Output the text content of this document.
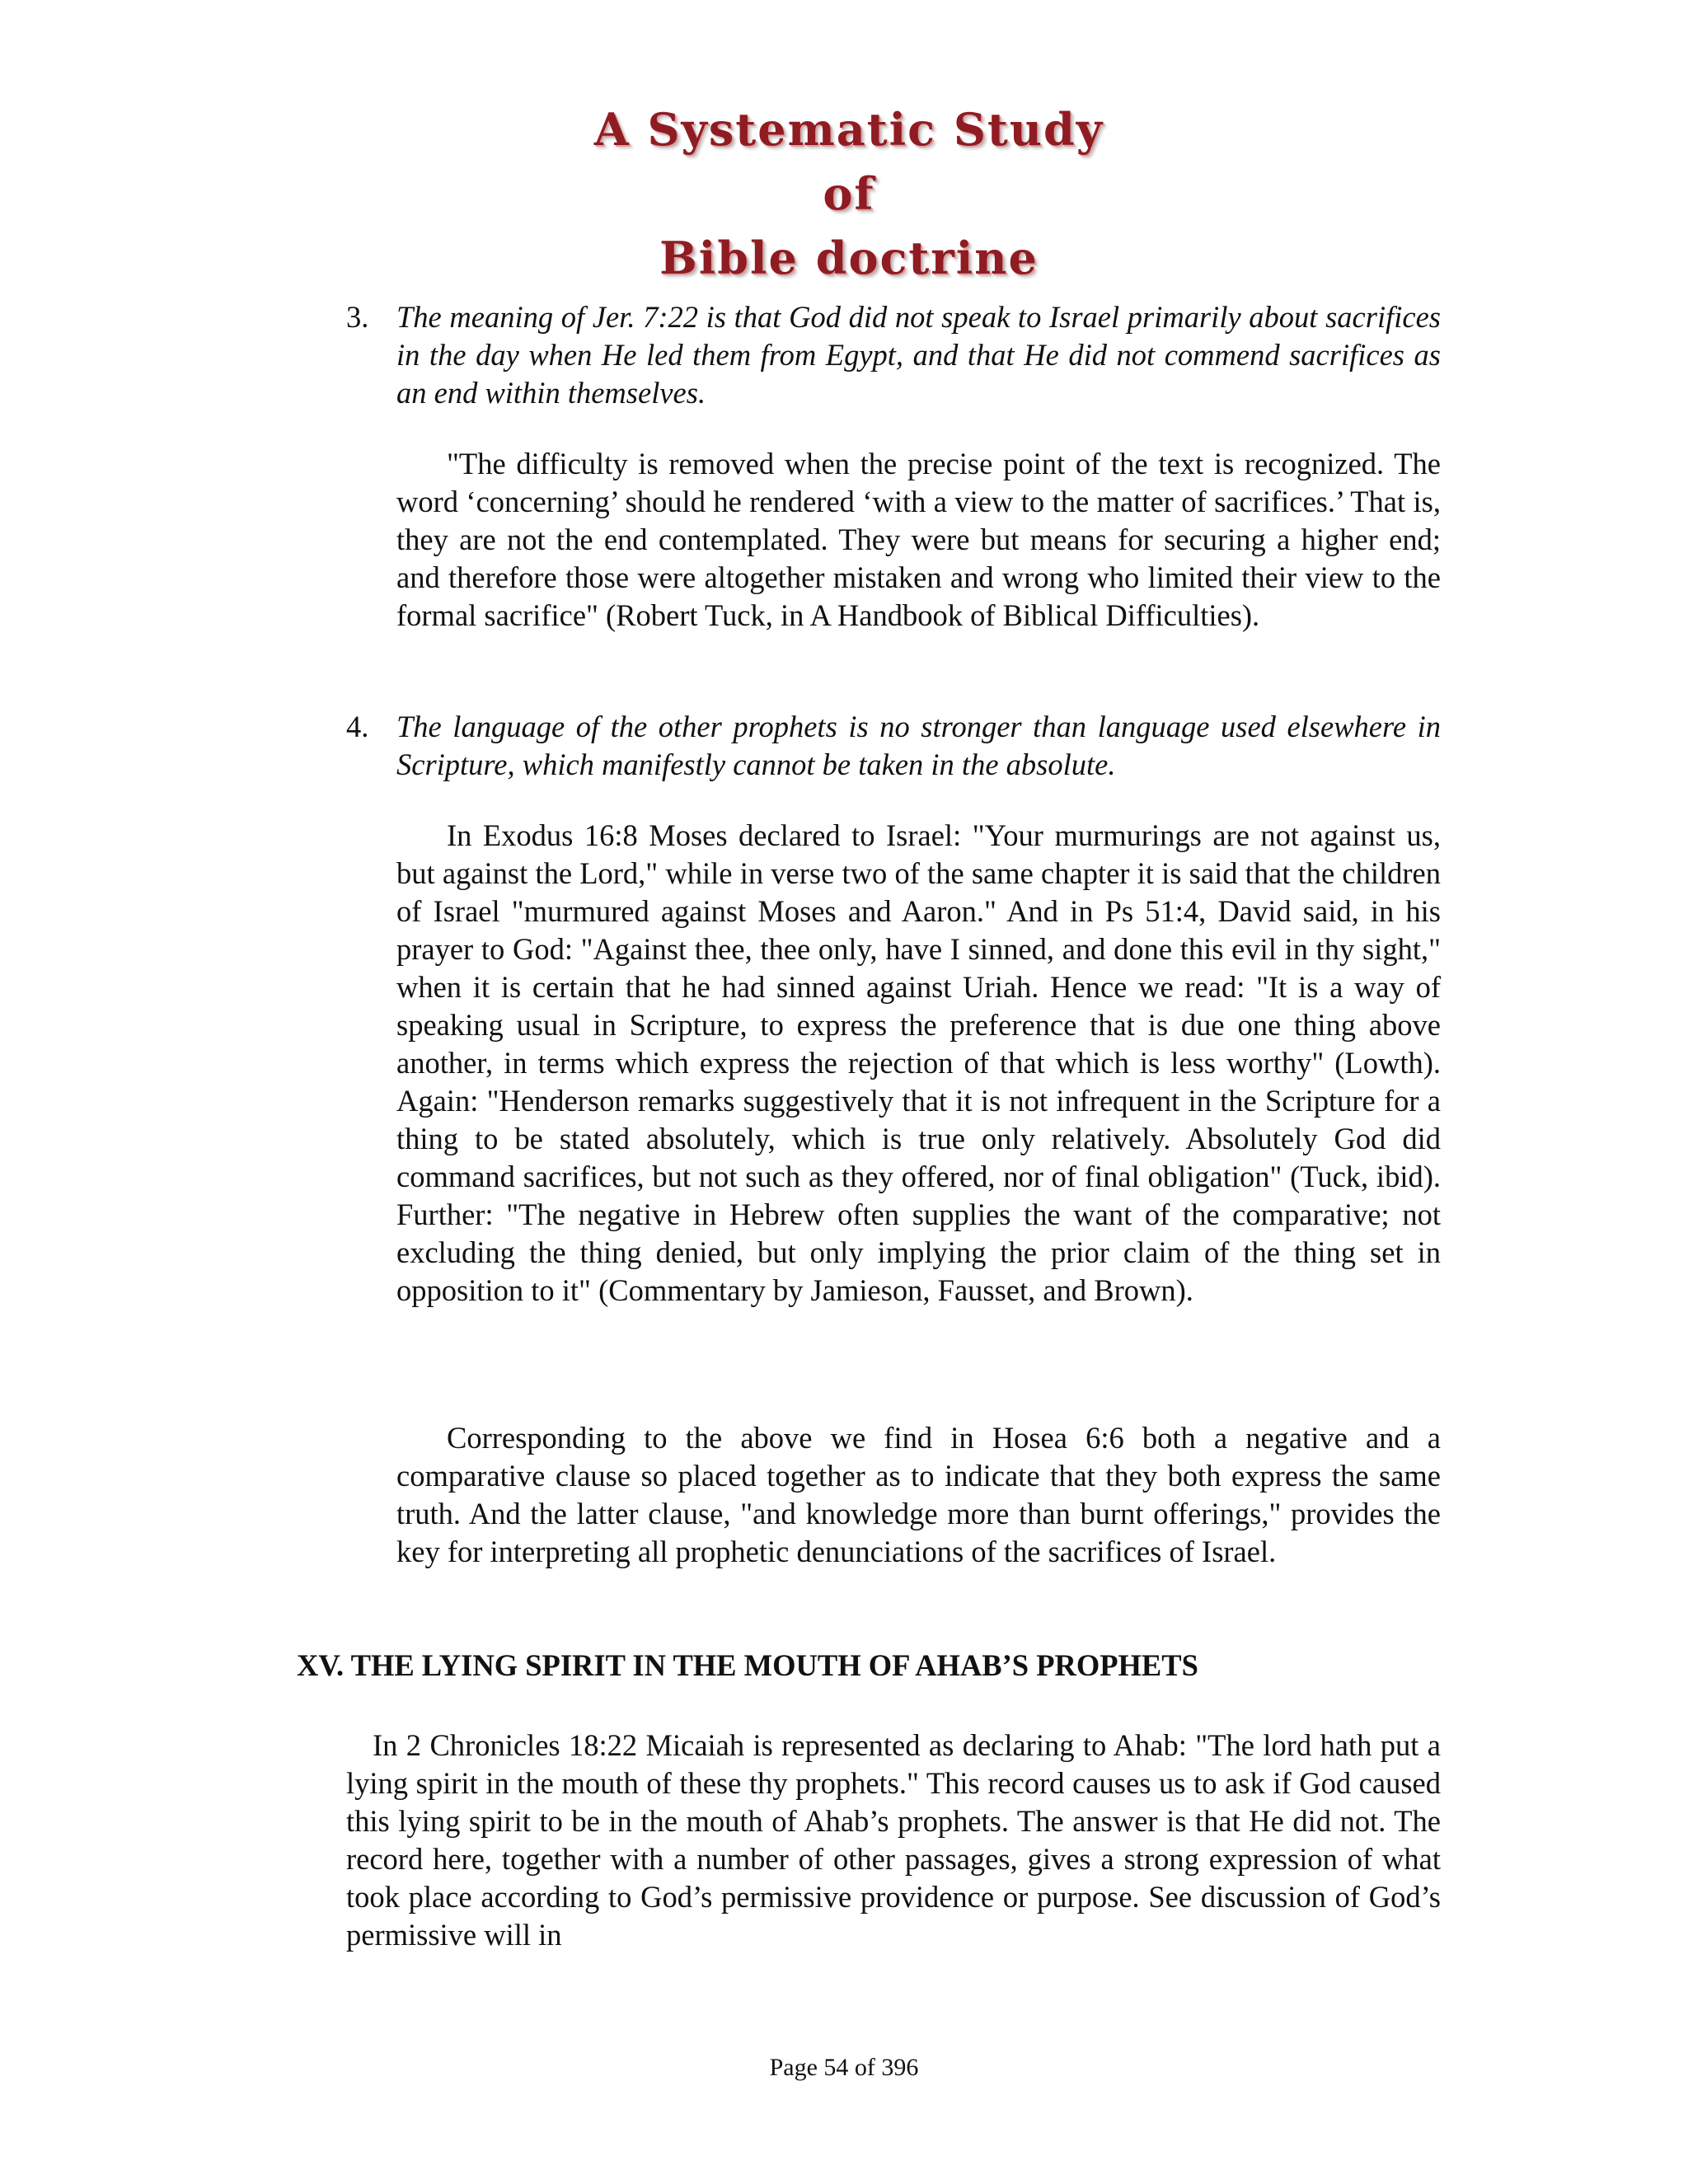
A Systematic Study of
Bible doctrine
3. The meaning of Jer. 7:22 is that God did not speak to Israel primarily about sacrifices in the day when He led them from Egypt, and that He did not commend sacrifices as an end within themselves.
"The difficulty is removed when the precise point of the text is recognized. The word ‘concerning’ should he rendered ‘with a view to the matter of sacrifices.’ That is, they are not the end contemplated. They were but means for securing a higher end; and therefore those were altogether mistaken and wrong who limited their view to the formal sacrifice" (Robert Tuck, in A Handbook of Biblical Difficulties).
4. The language of the other prophets is no stronger than language used elsewhere in Scripture, which manifestly cannot be taken in the absolute.
In Exodus 16:8 Moses declared to Israel: "Your murmurings are not against us, but against the Lord," while in verse two of the same chapter it is said that the children of Israel "murmured against Moses and Aaron." And in Ps 51:4, David said, in his prayer to God: "Against thee, thee only, have I sinned, and done this evil in thy sight," when it is certain that he had sinned against Uriah. Hence we read: "It is a way of speaking usual in Scripture, to express the preference that is due one thing above another, in terms which express the rejection of that which is less worthy" (Lowth). Again: "Henderson remarks suggestively that it is not infrequent in the Scripture for a thing to be stated absolutely, which is true only relatively. Absolutely God did command sacrifices, but not such as they offered, nor of final obligation" (Tuck, ibid). Further: "The negative in Hebrew often supplies the want of the comparative; not excluding the thing denied, but only implying the prior claim of the thing set in opposition to it" (Commentary by Jamieson, Fausset, and Brown).
Corresponding to the above we find in Hosea 6:6 both a negative and a comparative clause so placed together as to indicate that they both express the same truth. And the latter clause, "and knowledge more than burnt offerings," provides the key for interpreting all prophetic denunciations of the sacrifices of Israel.
XV. THE LYING SPIRIT IN THE MOUTH OF AHAB’S PROPHETS
In 2 Chronicles 18:22 Micaiah is represented as declaring to Ahab: "The lord hath put a lying spirit in the mouth of these thy prophets." This record causes us to ask if God caused this lying spirit to be in the mouth of Ahab’s prophets. The answer is that He did not. The record here, together with a number of other passages, gives a strong expression of what took place according to God’s permissive providence or purpose. See discussion of God’s permissive will in
Page 54 of 396
